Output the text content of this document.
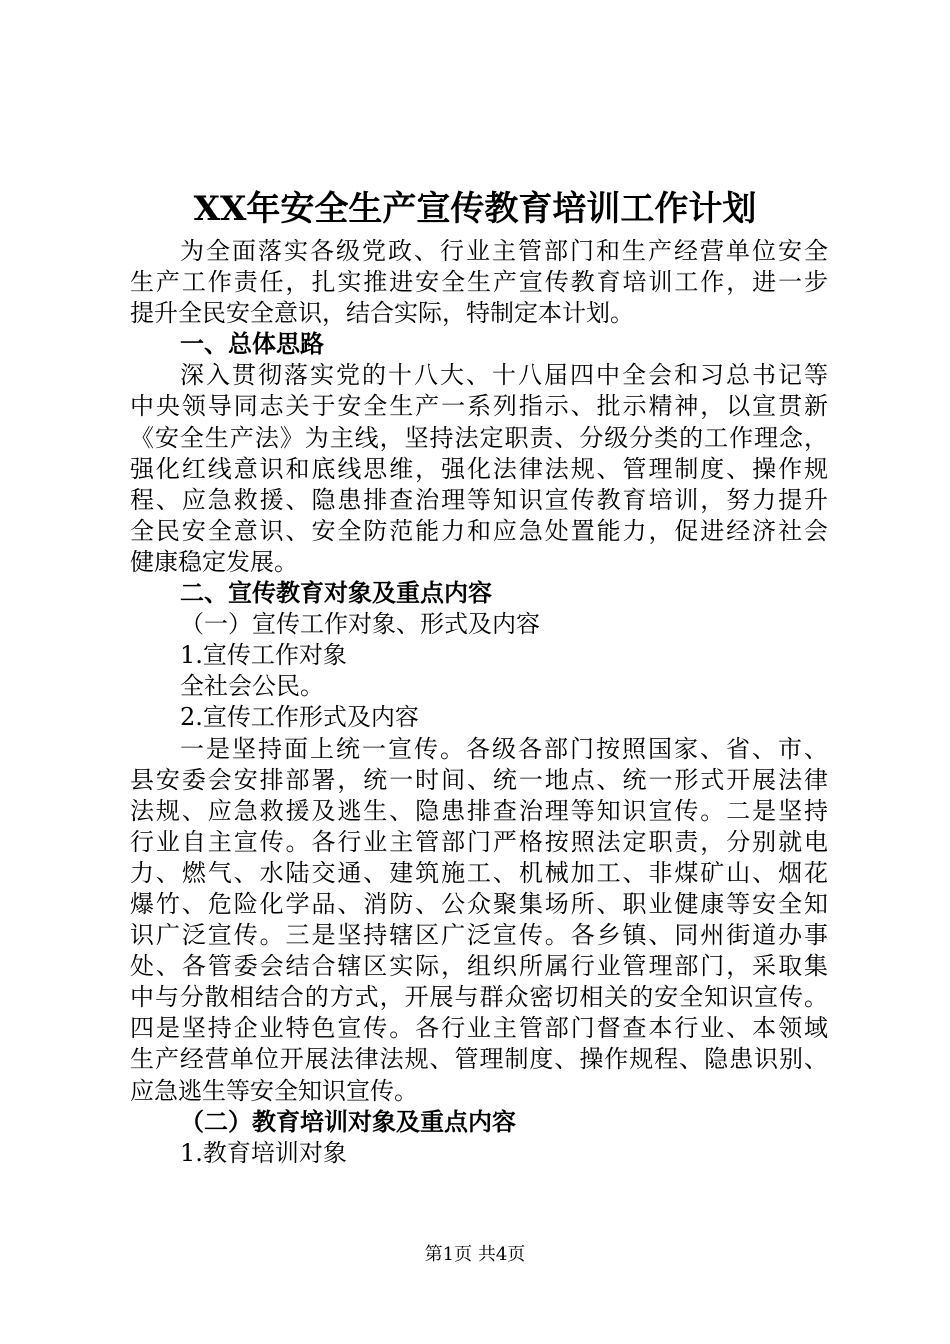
XX年安全生产宣传教育培训工作计划
为全面落实各级党政、行业主管部门和生产经营单位安全
生产工作责任，扎实推进安全生产宣传教育培训工作，进一步
提升全民安全意识，结合实际，特制定本计划。
一、总体思路
深入贯彻落实党的十八大、十八届四中全会和习总书记等
中央领导同志关于安全生产一系列指示、批示精神，以宣贯新
《安全生产法》为主线，坚持法定职责、分级分类的工作理念，
强化红线意识和底线思维，强化法律法规、管理制度、操作规
程、应急救援、隐患排查治理等知识宣传教育培训，努力提升
全民安全意识、安全防范能力和应急处置能力，促进经济社会
健康稳定发展。
二、宣传教育对象及重点内容
（一）宣传工作对象、形式及内容
1.宣传工作对象
全社会公民。
2.宣传工作形式及内容
一是坚持面上统一宣传。各级各部门按照国家、省、市、
县安委会安排部署，统一时间、统一地点、统一形式开展法律
法规、应急救援及逃生、隐患排查治理等知识宣传。二是坚持
行业自主宣传。各行业主管部门严格按照法定职责，分别就电
力、燃气、水陆交通、建筑施工、机械加工、非煤矿山、烟花
爆竹、危险化学品、消防、公众聚集场所、职业健康等安全知
识广泛宣传。三是坚持辖区广泛宣传。各乡镇、同州街道办事
处、各管委会结合辖区实际，组织所属行业管理部门，采取集
中与分散相结合的方式，开展与群众密切相关的安全知识宣传。
四是坚持企业特色宣传。各行业主管部门督查本行业、本领域
生产经营单位开展法律法规、管理制度、操作规程、隐患识别、
应急逃生等安全知识宣传。
（二）教育培训对象及重点内容
1.教育培训对象
第1页 共4页
